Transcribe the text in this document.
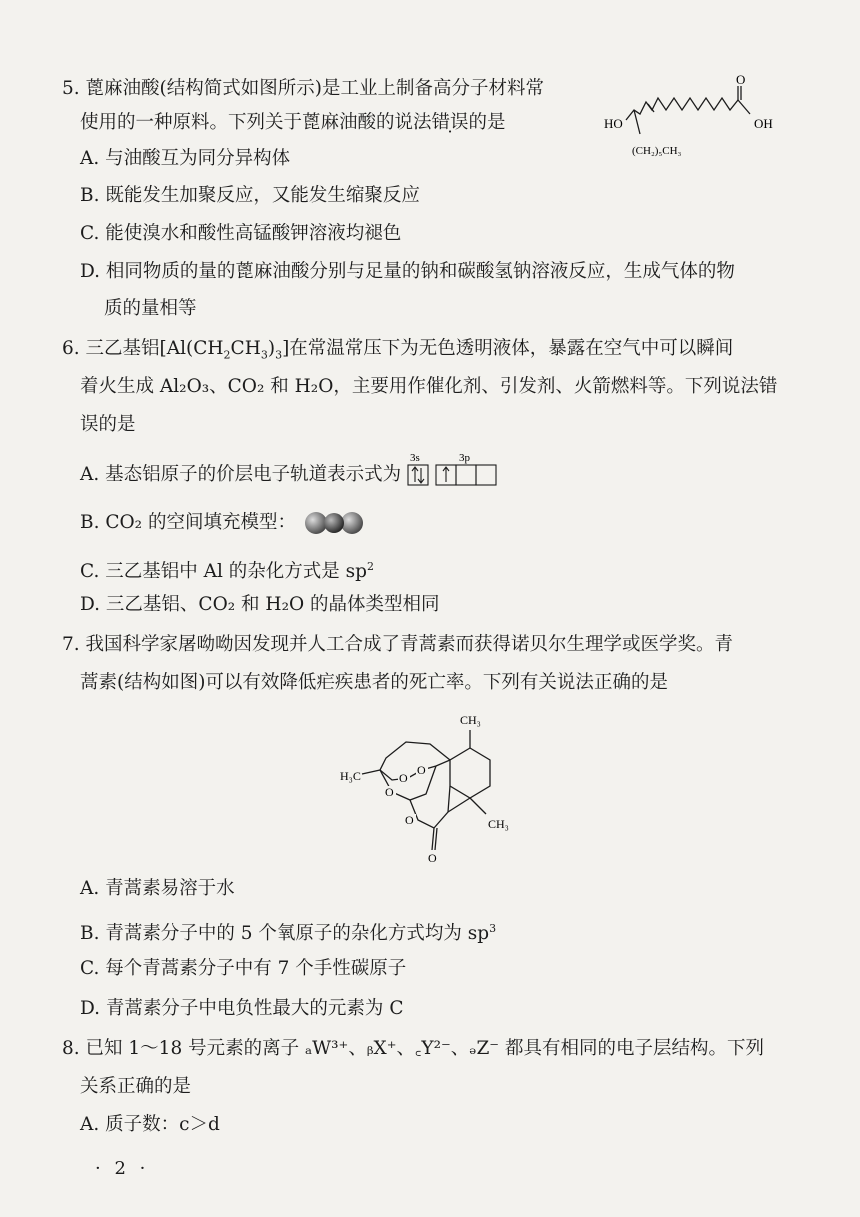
5. 蓖麻油酸(结构简式如图所示)是工业上制备高分子材料常
使用的一种原料。下列关于蓖麻油酸的说法错误的是
O
HO	OH
(CH₂)₅CH₃
A. 与油酸互为同分异构体
B. 既能发生加聚反应，又能发生缩聚反应
C. 能使溴水和酸性高锰酸钾溶液均褪色
D. 相同物质的量的蓖麻油酸分别与足量的钠和碳酸氢钠溶液反应，生成气体的物
质的量相等
6. 三乙基铝$[Al(CH_2CH_3)_3]$在常温常压下为无色透明液体，暴露在空气中可以瞬间
着火生成 Al₂O₃、CO₂ 和 H₂O，主要用作催化剂、引发剂、火箭燃料等。下列说法错
误的是
A. 基态铝原子的价层电子轨道表示式为
3s	3p
B. CO₂ 的空间填充模型：
C. 三乙基铝中 Al 的杂化方式是 $sp^2$
D. 三乙基铝、CO₂ 和 H₂O 的晶体类型相同
7. 我国科学家屠呦呦因发现并人工合成了青蒿素而获得诺贝尔生理学或医学奖。青
蒿素(结构如图)可以有效降低疟疾患者的死亡率。下列有关说法正确的是
O
O
O
O
O
CH₃
H₃C
CH₃
A. 青蒿素易溶于水
B. 青蒿素分子中的 5 个氧原子的杂化方式均为 $sp^3$
C. 每个青蒿素分子中有 7 个手性碳原子
D. 青蒿素分子中电负性最大的元素为 C
8. 已知 1～18 号元素的离子 ₐW³⁺、ᵦX⁺、꜀Y²⁻、ₔZ⁻ 都具有相同的电子层结构。下列
关系正确的是
A. 质子数：c＞d
· 2 ·
